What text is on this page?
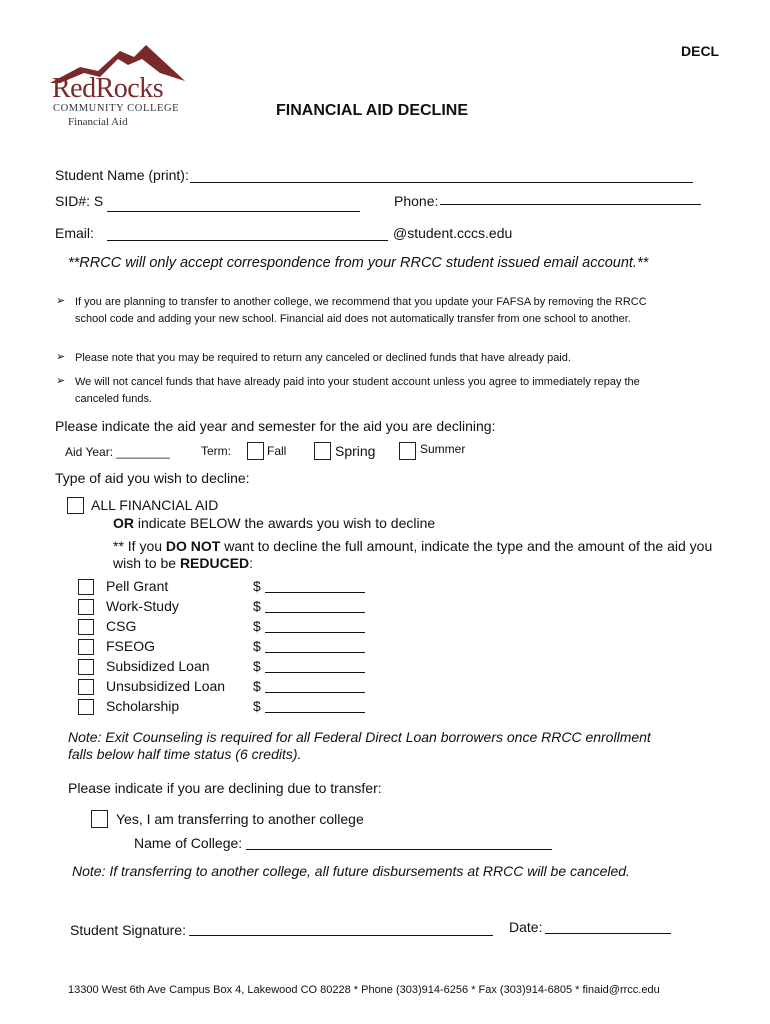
DECL
RedRocks
COMMUNITY COLLEGE
Financial Aid
FINANCIAL AID DECLINE
Student Name (print):
SID#: S	Phone:
Email:	@student.cccs.edu
**RRCC will only accept correspondence from your RRCC student issued email account.**
➢ If you are planning to transfer to another college, we recommend that you update your FAFSA by removing the RRCC school code and adding your new school. Financial aid does not automatically transfer from one school to another.
➢ Please note that you may be required to return any canceled or declined funds that have already paid.
➢ We will not cancel funds that have already paid into your student account unless you agree to immediately repay the canceled funds.
Please indicate the aid year and semester for the aid you are declining:
Aid Year: ________	Term:	Fall	Spring	Summer
Type of aid you wish to decline:
ALL FINANCIAL AID
OR indicate BELOW the awards you wish to decline
** If you DO NOT want to decline the full amount, indicate the type and the amount of the aid you
wish to be REDUCED:
Pell Grant	$
Work-Study	$
CSG	$
FSEOG	$
Subsidized Loan	$
Unsubsidized Loan $
Scholarship	$
Note: Exit Counseling is required for all Federal Direct Loan borrowers once RRCC enrollment
falls below half time status (6 credits).
Please indicate if you are declining due to transfer:
Yes, I am transferring to another college
Name of College:
Note: If transferring to another college, all future disbursements at RRCC will be canceled.
Student Signature:	Date:
13300 West 6th Ave Campus Box 4, Lakewood CO 80228 * Phone (303)914-6256 * Fax (303)914-6805 * finaid@rrcc.edu
